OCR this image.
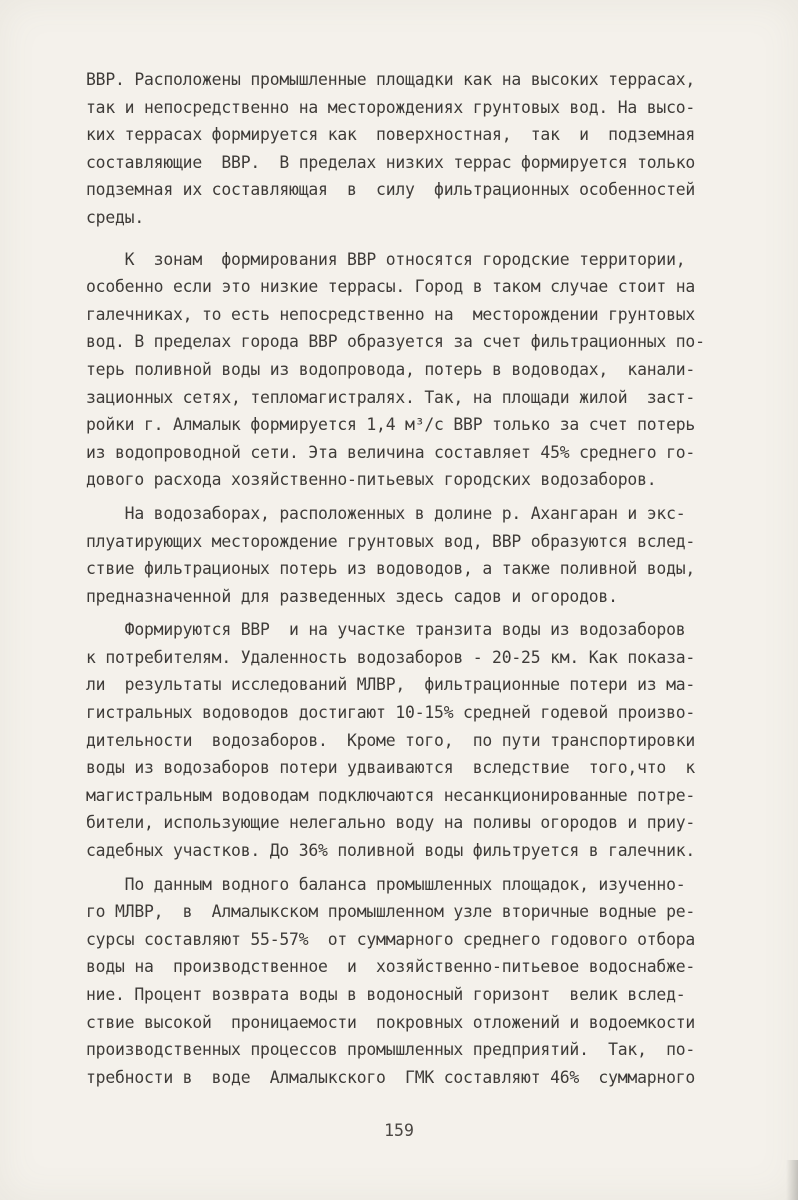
ВВР. Расположены промышленные площадки как на высоких террасах,
так и непосредственно на месторождениях грунтовых вод. На высо-
ких террасах формируется как  поверхностная,  так  и  подземная
составляющие  ВВР.  В пределах низких террас формируется только
подземная их составляющая  в  силу  фильтрационных особенностей
среды.
К  зонам  формирования ВВР относятся городские территории,
особенно если это низкие террасы. Город в таком случае стоит на
галечниках, то есть непосредственно на  месторождении грунтовых
вод. В пределах города ВВР образуется за счет фильтрационных по-
терь поливной воды из водопровода, потерь в водоводах,  канали-
зационных сетях, тепломагистралях. Так, на площади жилой  заст-
ройки г. Алмалык формируется 1,4 м³/с ВВР только за счет потерь
из водопроводной сети. Эта величина составляет 45% среднего го-
дового расхода хозяйственно-питьевых городских водозаборов.
На водозаборах, расположенных в долине р. Ахангаран и экс-
плуатирующих месторождение грунтовых вод, ВВР образуются вслед-
ствие фильтрационых потерь из водоводов, а также поливной воды,
предназначенной для разведенных здесь садов и огородов.
Формируются ВВР  и на участке транзита воды из водозаборов
к потребителям. Удаленность водозаборов - 20-25 км. Как показа-
ли  результаты исследований МЛВР,  фильтрационные потери из ма-
гистральных водоводов достигают 10-15% средней годевой произво-
дительности  водозаборов.  Кроме того,  по пути транспортировки
воды из водозаборов потери удваиваются  вследствие  того,что  к
магистральным водоводам подключаются несанкционированные потре-
бители, использующие нелегально воду на поливы огородов и приу-
садебных участков. До 36% поливной воды фильтруется в галечник.
По данным водного баланса промышленных площадок, изученно-
го МЛВР,  в  Алмалыкском промышленном узле вторичные водные ре-
сурсы составляют 55-57%  от суммарного среднего годового отбора
воды на  производственное  и  хозяйственно-питьевое водоснабже-
ние. Процент возврата воды в водоносный горизонт  велик вслед-
ствие высокой  проницаемости  покровных отложений и водоемкости
производственных процессов промышленных предприятий.  Так,  по-
требности в  воде  Алмалыкского  ГМК составляют 46%  суммарного
159
